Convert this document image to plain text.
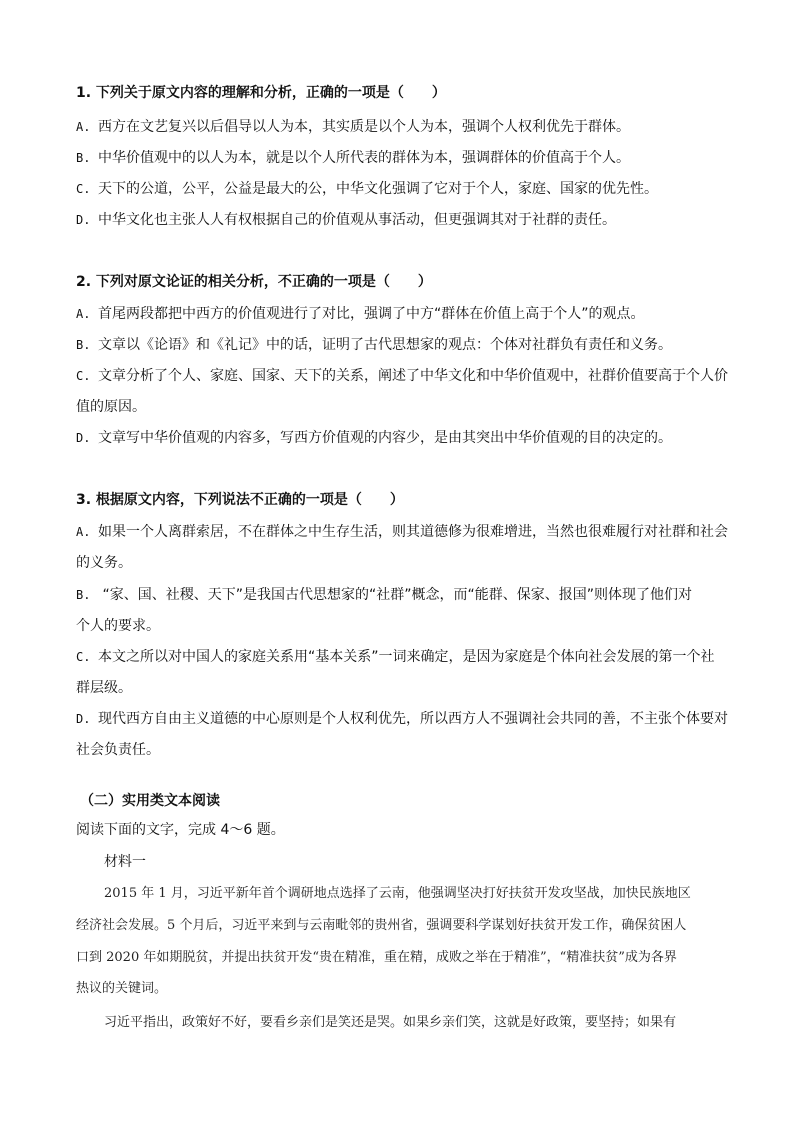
1. 下列关于原文内容的理解和分析，正确的一项是（　　）
A. 西方在文艺复兴以后倡导以人为本，其实质是以个人为本，强调个人权利优先于群体。
B. 中华价值观中的以人为本，就是以个人所代表的群体为本，强调群体的价值高于个人。
C. 天下的公道，公平，公益是最大的公，中华文化强调了它对于个人，家庭、国家的优先性。
D. 中华文化也主张人人有权根据自己的价值观从事活动，但更强调其对于社群的责任。
2. 下列对原文论证的相关分析，不正确的一项是（　　）
A. 首尾两段都把中西方的价值观进行了对比，强调了中方“群体在价值上高于个人”的观点。
B. 文章以《论语》和《礼记》中的话，证明了古代思想家的观点：个体对社群负有责任和义务。
C. 文章分析了个人、家庭、国家、天下的关系，阐述了中华文化和中华价值观中，社群价值要高于个人价
值的原因。
D. 文章写中华价值观的内容多，写西方价值观的内容少，是由其突出中华价值观的目的决定的。
3. 根据原文内容，下列说法不正确的一项是（　　）
A. 如果一个人离群索居，不在群体之中生存生活，则其道德修为很难增进，当然也很难履行对社群和社会
的义务。
B. “家、国、社稷、天下”是我国古代思想家的“社群”概念，而“能群、保家、报国”则体现了他们对
个人的要求。
C. 本文之所以对中国人的家庭关系用“基本关系”一词来确定，是因为家庭是个体向社会发展的第一个社
群层级。
D. 现代西方自由主义道德的中心原则是个人权利优先，所以西方人不强调社会共同的善，不主张个体要对
社会负责任。
（二）实用类文本阅读
阅读下面的文字，完成 4～6 题。
材料一
2015 年 1 月，习近平新年首个调研地点选择了云南，他强调坚决打好扶贫开发攻坚战，加快民族地区
经济社会发展。5 个月后，习近平来到与云南毗邻的贵州省，强调要科学谋划好扶贫开发工作，确保贫困人
口到 2020 年如期脱贫，并提出扶贫开发“贵在精准，重在精，成败之举在于精准”，“精准扶贫”成为各界
热议的关键词。
习近平指出，政策好不好，要看乡亲们是笑还是哭。如果乡亲们笑，这就是好政策，要坚持；如果有
